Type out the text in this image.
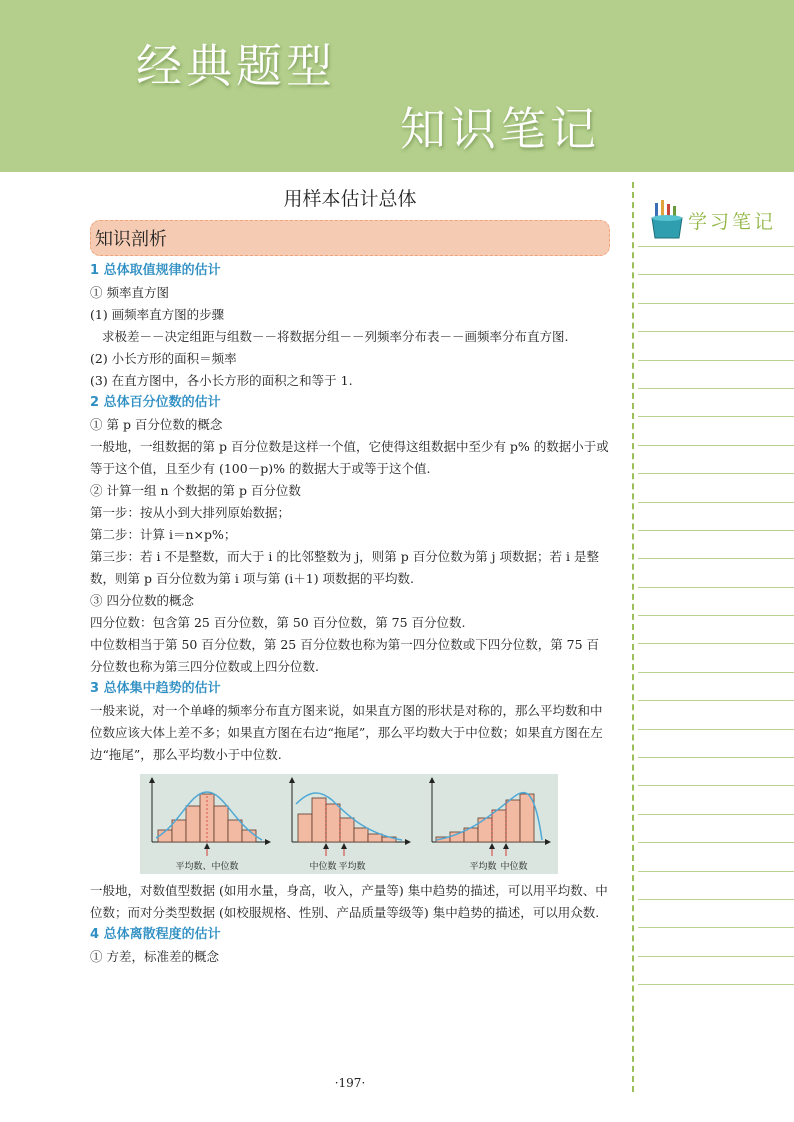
经典题型
知识笔记
用样本估计总体
知识剖析
1 总体取值规律的估计

① 频率直方图

(1) 画频率直方图的步骤

求极差－－决定组距与组数－－将数据分组－－列频率分布表－－画频率分布直方图.

(2) 小长方形的面积＝频率

(3) 在直方图中，各小长方形的面积之和等于 1.

2 总体百分位数的估计

① 第 p 百分位数的概念

一般地，一组数据的第 p 百分位数是这样一个值，它使得这组数据中至少有 p% 的数据小于或等于这个值，且至少有 (100－p)% 的数据大于或等于这个值.

② 计算一组 n 个数据的第 p 百分位数

第一步：按从小到大排列原始数据；

第二步：计算 i＝n×p%；

第三步：若 i 不是整数，而大于 i 的比邻整数为 j，则第 p 百分位数为第 j 项数据；若 i 是整数，则第 p 百分位数为第 i 项与第 (i＋1) 项数据的平均数.

③ 四分位数的概念

四分位数：包含第 25 百分位数，第 50 百分位数，第 75 百分位数.

中位数相当于第 50 百分位数，第 25 百分位数也称为第一四分位数或下四分位数，第 75 百分位数也称为第三四分位数或上四分位数.

3 总体集中趋势的估计

一般来说，对一个单峰的频率分布直方图来说，如果直方图的形状是对称的，那么平均数和中位数应该大体上差不多；如果直方图在右边“拖尾”，那么平均数大于中位数；如果直方图在左边“拖尾”，那么平均数小于中位数.

平均数、中位数	中位数 平均数	平均数 中位数

一般地，对数值型数据 (如用水量，身高，收入，产量等) 集中趋势的描述，可以用平均数、中位数；而对分类型数据 (如校服规格、性别、产品质量等级等) 集中趋势的描述，可以用众数.

4 总体离散程度的估计

① 方差，标准差的概念

·197·
学习笔记
